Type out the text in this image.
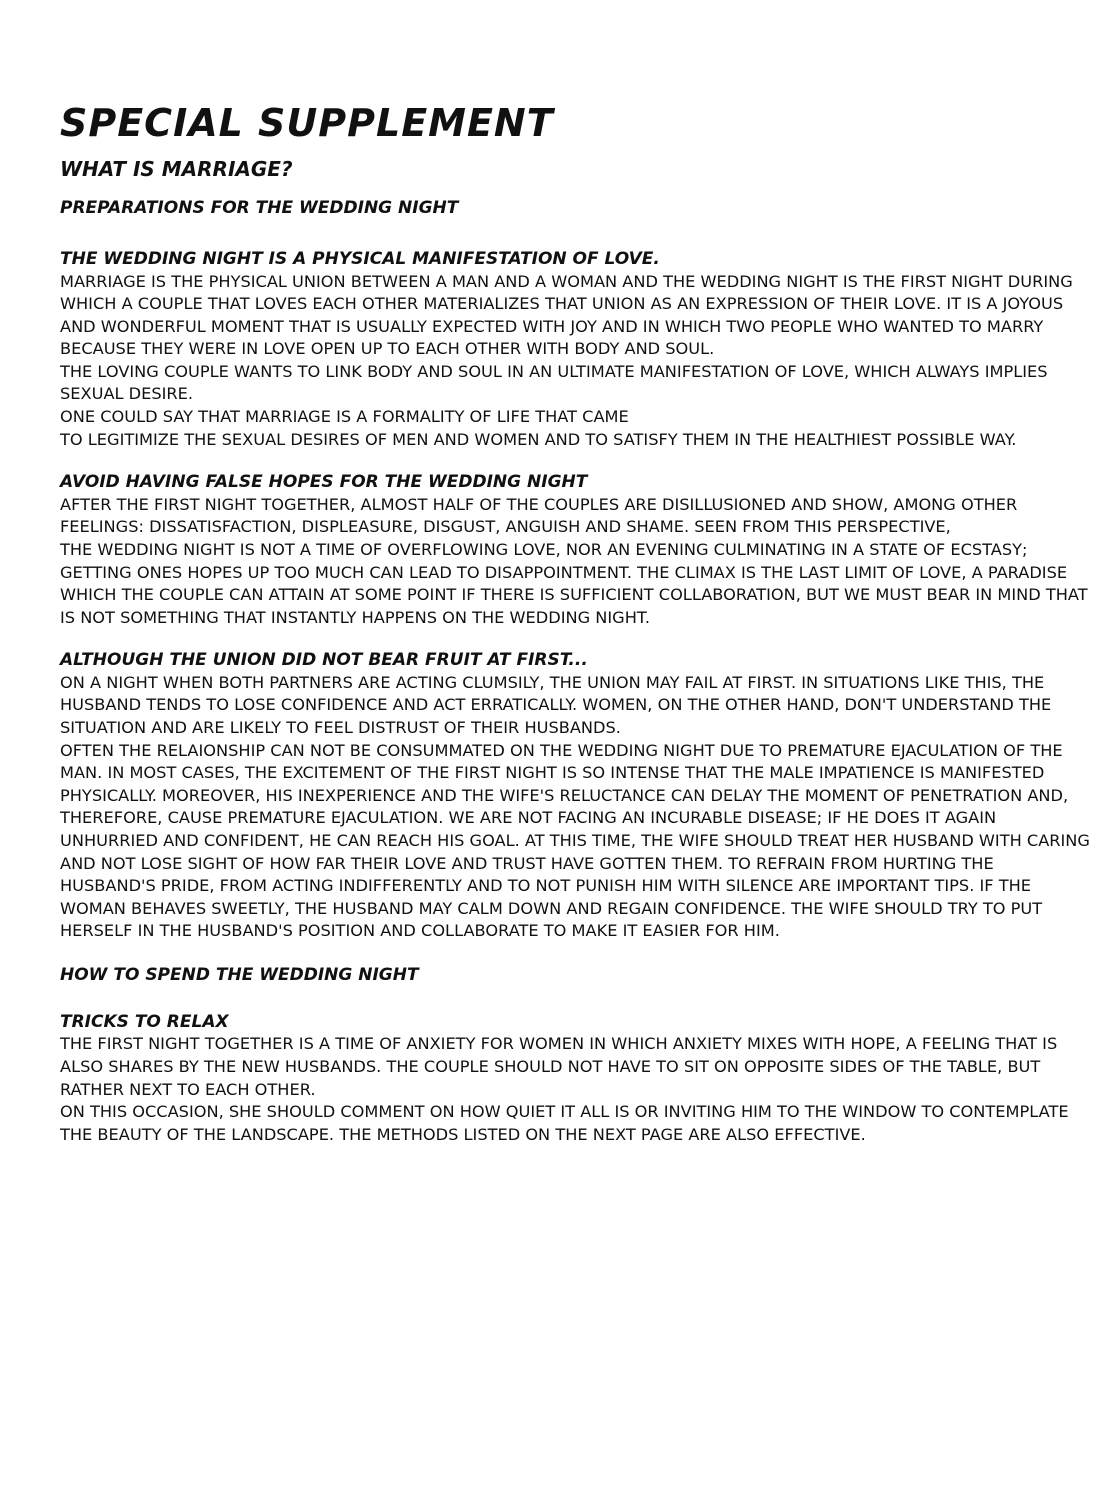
SPECIAL SUPPLEMENT
WHAT IS MARRIAGE?
PREPARATIONS FOR THE WEDDING NIGHT
THE WEDDING NIGHT IS A PHYSICAL MANIFESTATION OF LOVE.

MARRIAGE IS THE PHYSICAL UNION BETWEEN A MAN AND A WOMAN AND THE WEDDING NIGHT IS THE FIRST NIGHT DURING WHICH A COUPLE THAT LOVES EACH OTHER MATERIALIZES THAT UNION AS AN EXPRESSION OF THEIR LOVE. IT IS A JOYOUS AND WONDERFUL MOMENT THAT IS USUALLY EXPECTED WITH JOY AND IN WHICH TWO PEOPLE WHO WANTED TO MARRY BECAUSE THEY WERE IN LOVE OPEN UP TO EACH OTHER WITH BODY AND SOUL.

THE LOVING COUPLE WANTS TO LINK BODY AND SOUL IN AN ULTIMATE MANIFESTATION OF LOVE, WHICH ALWAYS IMPLIES SEXUAL DESIRE.

ONE COULD SAY THAT MARRIAGE IS A FORMALITY OF LIFE THAT CAME

TO LEGITIMIZE THE SEXUAL DESIRES OF MEN AND WOMEN AND TO SATISFY THEM IN THE HEALTHIEST POSSIBLE WAY.

AVOID HAVING FALSE HOPES FOR THE WEDDING NIGHT

AFTER THE FIRST NIGHT TOGETHER, ALMOST HALF OF THE COUPLES ARE DISILLUSIONED AND SHOW, AMONG OTHER FEELINGS: DISSATISFACTION, DISPLEASURE, DISGUST, ANGUISH AND SHAME. SEEN FROM THIS PERSPECTIVE,

THE WEDDING NIGHT IS NOT A TIME OF OVERFLOWING LOVE, NOR AN EVENING CULMINATING IN A STATE OF ECSTASY; GETTING ONES HOPES UP TOO MUCH CAN LEAD TO DISAPPOINTMENT. THE CLIMAX IS THE LAST LIMIT OF LOVE, A PARADISE WHICH THE COUPLE CAN ATTAIN AT SOME POINT IF THERE IS SUFFICIENT COLLABORATION, BUT WE MUST BEAR IN MIND THAT IS NOT SOMETHING THAT INSTANTLY HAPPENS ON THE WEDDING NIGHT.

ALTHOUGH THE UNION DID NOT BEAR FRUIT AT FIRST...

ON A NIGHT WHEN BOTH PARTNERS ARE ACTING CLUMSILY, THE UNION MAY FAIL AT FIRST. IN SITUATIONS LIKE THIS, THE HUSBAND TENDS TO LOSE CONFIDENCE AND ACT ERRATICALLY. WOMEN, ON THE OTHER HAND, DON'T UNDERSTAND THE SITUATION AND ARE LIKELY TO FEEL DISTRUST OF THEIR HUSBANDS.

OFTEN THE RELAIONSHIP CAN NOT BE CONSUMMATED ON THE WEDDING NIGHT DUE TO PREMATURE EJACULATION OF THE MAN. IN MOST CASES, THE EXCITEMENT OF THE FIRST NIGHT IS SO INTENSE THAT THE MALE IMPATIENCE IS MANIFESTED PHYSICALLY. MOREOVER, HIS INEXPERIENCE AND THE WIFE'S RELUCTANCE CAN DELAY THE MOMENT OF PENETRATION AND, THEREFORE, CAUSE PREMATURE EJACULATION. WE ARE NOT FACING AN INCURABLE DISEASE; IF HE DOES IT AGAIN UNHURRIED AND CONFIDENT, HE CAN REACH HIS GOAL. AT THIS TIME, THE WIFE SHOULD TREAT HER HUSBAND WITH CARING AND NOT LOSE SIGHT OF HOW FAR THEIR LOVE AND TRUST HAVE GOTTEN THEM. TO REFRAIN FROM HURTING THE HUSBAND'S PRIDE, FROM ACTING INDIFFERENTLY AND TO NOT PUNISH HIM WITH SILENCE ARE IMPORTANT TIPS. IF THE WOMAN BEHAVES SWEETLY, THE HUSBAND MAY CALM DOWN AND REGAIN CONFIDENCE. THE WIFE SHOULD TRY TO PUT HERSELF IN THE HUSBAND'S POSITION AND COLLABORATE TO MAKE IT EASIER FOR HIM.

HOW TO SPEND THE WEDDING NIGHT
TRICKS TO RELAX

THE FIRST NIGHT TOGETHER IS A TIME OF ANXIETY FOR WOMEN IN WHICH ANXIETY MIXES WITH HOPE, A FEELING THAT IS ALSO SHARES BY THE NEW HUSBANDS. THE COUPLE SHOULD NOT HAVE TO SIT ON OPPOSITE SIDES OF THE TABLE, BUT RATHER NEXT TO EACH OTHER.

ON THIS OCCASION, SHE SHOULD COMMENT ON HOW QUIET IT ALL IS OR INVITING HIM TO THE WINDOW TO CONTEMPLATE THE BEAUTY OF THE LANDSCAPE. THE METHODS LISTED ON THE NEXT PAGE ARE ALSO EFFECTIVE.
